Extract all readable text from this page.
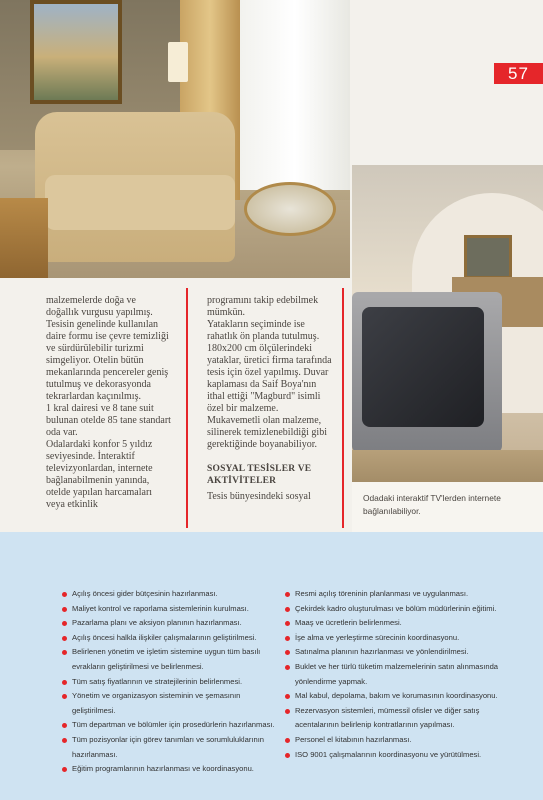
57
Odadaki interaktif TV'lerden internete bağlanılabiliyor.

malzemelerde doğa ve doğallık vurgusu yapılmış. Tesisin genelinde kullanılan daire formu ise çevre temizliği ve sürdürülebilir turizmi simgeliyor. Otelin bütün mekanlarında pencereler geniş tutulmuş ve dekorasyonda tekrarlardan kaçınılmış.

1 kral dairesi ve 8 tane suit bulunan otelde 85 tane standart oda var.

Odalardaki konfor 5 yıldız seviyesinde. İnteraktif televizyonlardan, internete bağlanabilmenin yanında, otelde yapılan harcamaları veya etkinlik

programını takip edebilmek mümkün.

Yatakların seçiminde ise rahatlık ön planda tutulmuş. 180x200 cm ölçülerindeki yataklar, üretici firma tarafında tesis için özel yapılmış. Duvar kaplaması da Saif Boya'nın ithal ettiği "Magburd" isimli özel bir malzeme. Mukavemetli olan malzeme, silinerek temizlenebildiği gibi gerektiğinde boyanabiliyor.

SOSYAL TESİSLER VE AKTİVİTELER

Tesis bünyesindeki sosyal

Açılış öncesi gider bütçesinin hazırlanması.
Maliyet kontrol ve raporlama sistemlerinin kurulması.
Pazarlama planı ve aksiyon planının hazırlanması.
Açılış öncesi halkla ilişkiler çalışmalarının geliştirilmesi.
Belirlenen yönetim ve işletim sistemine uygun tüm basılı evrakların geliştirilmesi ve belirlenmesi.
Tüm satış fiyatlarının ve stratejilerinin belirlenmesi.
Yönetim ve organizasyon sisteminin ve şemasının geliştirilmesi.
Tüm departman ve bölümler için prosedürlerin hazırlanması.
Tüm pozisyonlar için görev tanımları ve sorumluluklarının hazırlanması.
Eğitim programlarının hazırlanması ve koordinasyonu.
Resmi açılış töreninin planlanması ve uygulanması.
Çekirdek kadro oluşturulması ve bölüm müdürlerinin eğitimi.
Maaş ve ücretlerin belirlenmesi.
İşe alma ve yerleştirme sürecinin koordinasyonu.
Satınalma planının hazırlanması ve yönlendirilmesi.
Buklet ve her türlü tüketim malzemelerinin satın alınmasında yönlendirme yapmak.
Mal kabul, depolama, bakım ve korumasının koordinasyonu.
Rezervasyon sistemleri, mümessil ofisler ve diğer satış acentalarının belirlenip kontratlarının yapılması.
Personel el kitabının hazırlanması.
ISO 9001 çalışmalarının koordinasyonu ve yürütülmesi.
